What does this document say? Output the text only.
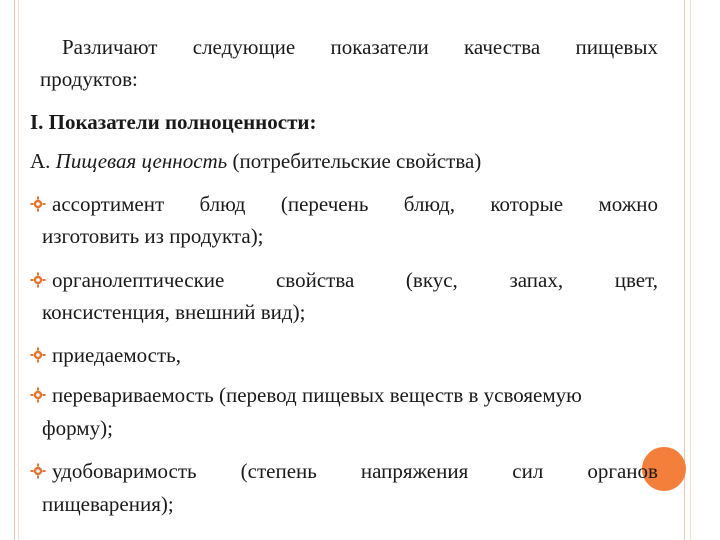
Различают следующие показатели качества пищевых
продуктов:
I. Показатели полноценности:
А. Пищевая ценность (потребительские свойства)
ассортимент блюд (перечень блюд, которые можно
изготовить из продукта);
органолептические свойства (вкус, запах, цвет,
консистенция, внешний вид);
приедаемость,
перевариваемость (перевод пищевых веществ в усвояемую
форму);
удобоваримость (степень напряжения сил органов
пищеварения);
